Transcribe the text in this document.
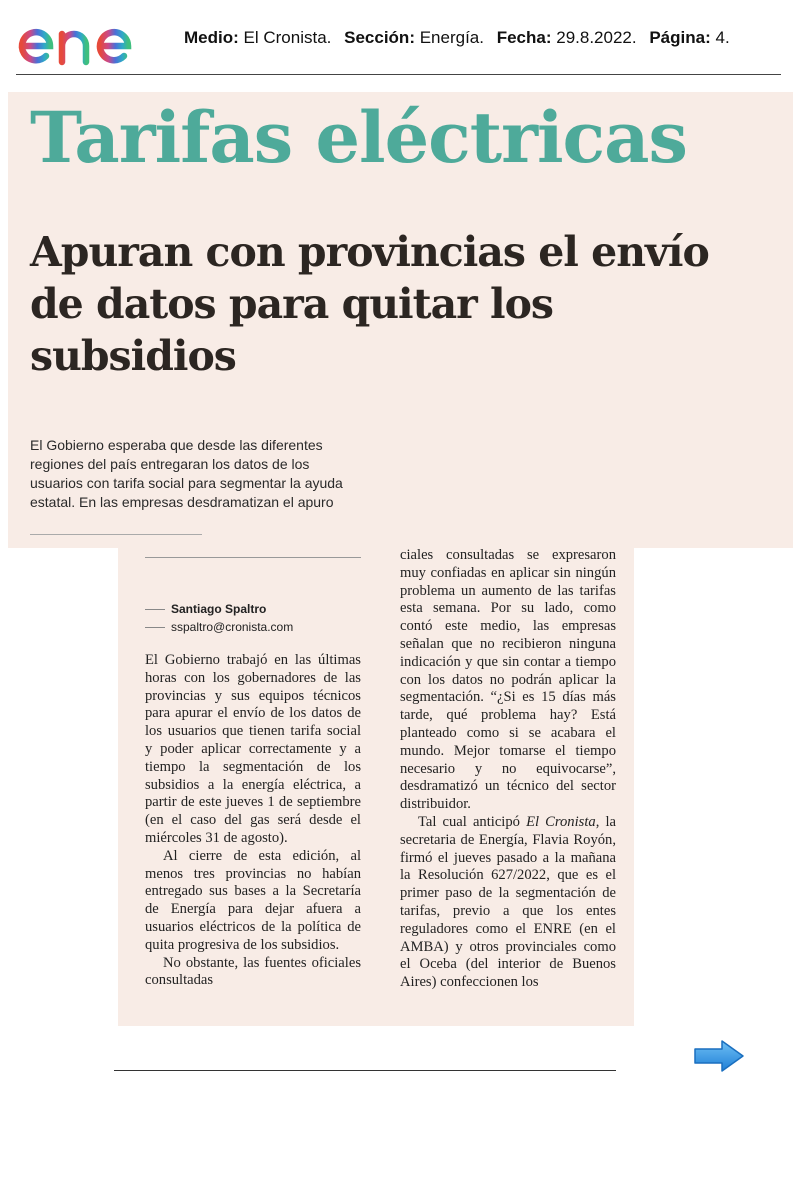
Medio: El Cronista. Sección: Energía. Fecha: 29.8.2022. Página: 4.
Tarifas eléctricas
Apuran con provincias el envío de datos para quitar los subsidios
El Gobierno esperaba que desde las diferentes regiones del país entregaran los datos de los usuarios con tarifa social para segmentar la ayuda estatal. En las empresas desdramatizan el apuro
Santiago Spaltro
sspaltro@cronista.com

El Gobierno trabajó en las últimas horas con los gobernadores de las provincias y sus equipos técnicos para apurar el envío de los datos de los usuarios que tienen tarifa social y poder aplicar correctamente y a tiempo la segmentación de los subsidios a la energía eléctrica, a partir de este jueves 1 de septiembre (en el caso del gas será desde el miércoles 31 de agosto).

Al cierre de esta edición, al menos tres provincias no habían entregado sus bases a la Secretaría de Energía para dejar afuera a usuarios eléctricos de la política de quita progresiva de los subsidios.

No obstante, las fuentes oficiales consultadas

ciales consultadas se expresaron muy confiadas en aplicar sin ningún problema un aumento de las tarifas esta semana. Por su lado, como contó este medio, las empresas señalan que no recibieron ninguna indicación y que sin contar a tiempo con los datos no podrán aplicar la segmentación. “¿Si es 15 días más tarde, qué problema hay? Está planteado como si se acabara el mundo. Mejor tomarse el tiempo necesario y no equivocarse”, desdramatizó un técnico del sector distribuidor.

Tal cual anticipó El Cronista, la secretaria de Energía, Flavia Royón, firmó el jueves pasado a la mañana la Resolución 627/2022, que es el primer paso de la segmentación de tarifas, previo a que los entes reguladores como el ENRE (en el AMBA) y otros provinciales como el Oceba (del interior de Buenos Aires) confeccionen los
